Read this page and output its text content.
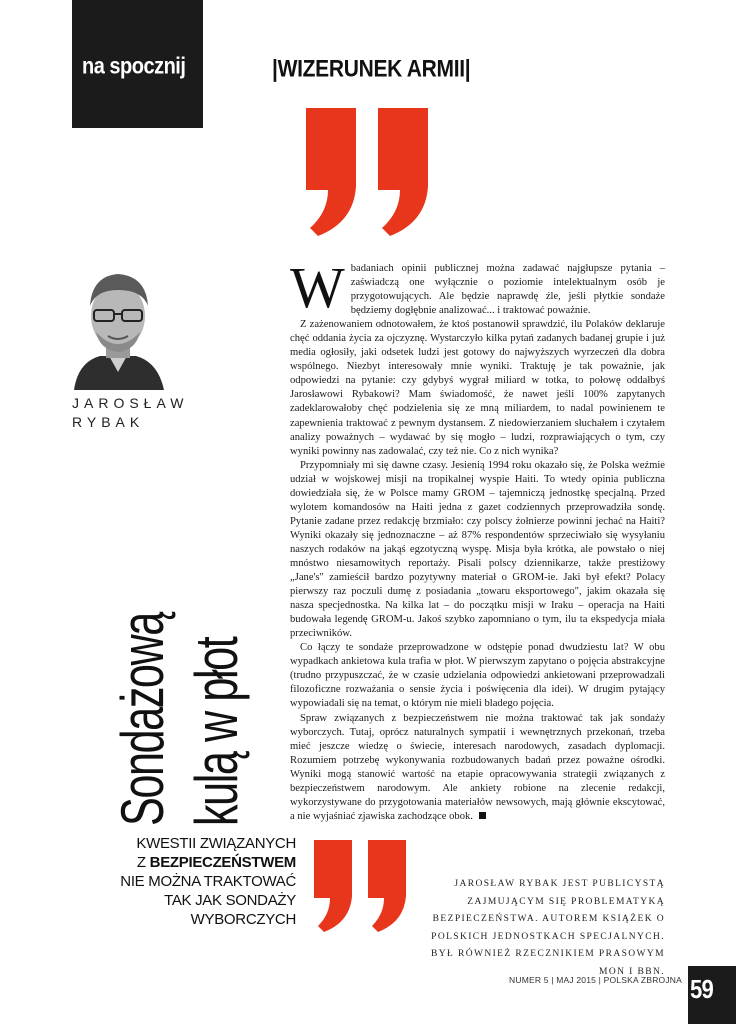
na spocznij	|WIZERUNEK ARMII|
JAROSŁAW
RYBAK
Sondażową kulą w płot
KWESTII ZWIĄZANYCH
Z BEZPIECZEŃSTWEM
NIE MOŻNA TRAKTOWAĆ
TAK JAK SONDAŻY
WYBORCZYCH

Wbadaniach opinii publicznej można zadawać najgłupsze pytania – zaświadczą one wyłącznie o poziomie intelektualnym osób je przygotowujących. Ale będzie naprawdę źle, jeśli płytkie sondaże będziemy dogłębnie analizować... i traktować poważnie.

Z zażenowaniem odnotowałem, że ktoś postanowił sprawdzić, ilu Polaków deklaruje chęć oddania życia za ojczyznę. Wystarczyło kilka pytań zadanych badanej grupie i już media ogłosiły, jaki odsetek ludzi jest gotowy do najwyższych wyrzeczeń dla dobra wspólnego. Niezbyt interesowały mnie wyniki. Traktuję je tak poważnie, jak odpowiedzi na pytanie: czy gdybyś wygrał miliard w totka, to połowę oddałbyś Jarosławowi Rybakowi? Mam świadomość, że nawet jeśli 100% zapytanych zadeklarowałoby chęć podzielenia się ze mną miliardem, to nadal powinienem te zapewnienia traktować z pewnym dystansem. Z niedowierzaniem słuchałem i czytałem analizy poważnych – wydawać by się mogło – ludzi, rozprawiających o tym, czy wyniki powinny nas zadowalać, czy też nie. Co z nich wynika?

Przypomniały mi się dawne czasy. Jesienią 1994 roku okazało się, że Polska weźmie udział w wojskowej misji na tropikalnej wyspie Haiti. To wtedy opinia publiczna dowiedziała się, że w Polsce mamy GROM – tajemniczą jednostkę specjalną. Przed wylotem komandosów na Haiti jedna z gazet codziennych przeprowadziła sondę. Pytanie zadane przez redakcję brzmiało: czy polscy żołnierze powinni jechać na Haiti? Wyniki okazały się jednoznaczne – aż 87% respondentów sprzeciwiało się wysyłaniu naszych rodaków na jakąś egzotyczną wyspę. Misja była krótka, ale powstało o niej mnóstwo niesamowitych reportaży. Pisali polscy dziennikarze, także prestiżowy „Jane's" zamieścił bardzo pozytywny materiał o GROM-ie. Jaki był efekt? Polacy pierwszy raz poczuli dumę z posiadania „towaru eksportowego", jakim okazała się nasza specjednostka. Na kilka lat – do początku misji w Iraku – operacja na Haiti budowała legendę GROM-u. Jakoś szybko zapomniano o tym, ilu ta ekspedycja miała przeciwników.

Co łączy te sondaże przeprowadzone w odstępie ponad dwudziestu lat? W obu wypadkach ankietowa kula trafia w płot. W pierwszym zapytano o pojęcia abstrakcyjne (trudno przypuszczać, że w czasie udzielania odpowiedzi ankietowani przeprowadzali filozoficzne rozważania o sensie życia i poświęcenia dla idei). W drugim pytający wypowiadali się na temat, o którym nie mieli bladego pojęcia.

Spraw związanych z bezpieczeństwem nie można traktować tak jak sondaży wyborczych. Tutaj, oprócz naturalnych sympatii i wewnętrznych przekonań, trzeba mieć jeszcze wiedzę o świecie, interesach narodowych, zasadach dyplomacji. Rozumiem potrzebę wykonywania rozbudowanych badań przez poważne ośrodki. Wyniki mogą stanowić wartość na etapie opracowywania strategii związanych z bezpieczeństwem narodowym. Ale ankiety robione na zlecenie redakcji, wykorzystywane do przygotowania materiałów newsowych, mają głównie ekscytować, a nie wyjaśniać zjawiska zachodzące obok.

JAROSŁAW RYBAK JEST PUBLICYSTĄ ZAJMUJĄCYM SIĘ PROBLEMATYKĄ BEZPIECZEŃSTWA. AUTOREM KSIĄŻEK O POLSKICH JEDNOSTKACH SPECJALNYCH. BYŁ RÓWNIEŻ RZECZNIKIEM PRASOWYM MON I BBN.
NUMER 5 | MAJ 2015 | POLSKA ZBROJNA 59
